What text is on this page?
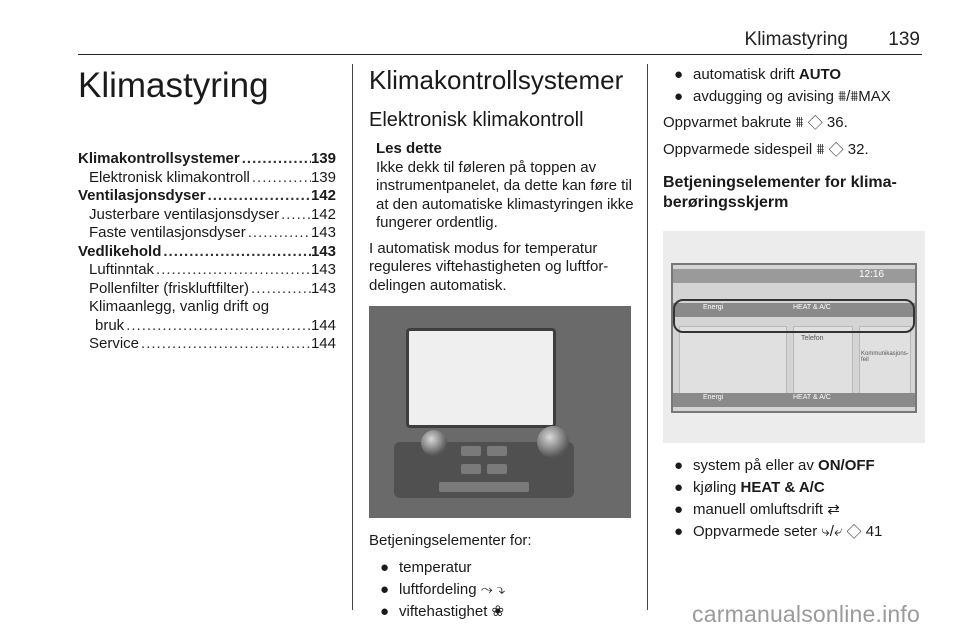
Klimastyring 139
Klimastyring
Klimakontrollsystemer .....	139
Elektronisk klimakontroll .....	139
Ventilasjonsdyser .....	142
Justerbare ventilasjonsdyser ..... 142
Faste ventilasjonsdyser .....	143
Vedlikehold .....	143
Luftinntak .....	143
Pollenfilter (friskluftfilter) .....	143
Klimaanlegg, vanlig drift og
bruk .....	144
Service .....	144
Klimakontrollsystemer
Elektronisk klimakontroll
Les dette
Ikke dekk til føleren på toppen av instrumentpanelet, da dette kan føre til at den automatiske klimastyringen ikke fungerer ordentlig.
I automatisk modus for temperatur reguleres viftehastigheten og luftfor-delingen automatisk.
Betjeningselementer for:
● temperatur
● luftfordeling ⤳ ⤵
● viftehastighet ❀
● automatisk drift AUTO
● avdugging og avising ⩩/⩩MAX
Oppvarmet bakrute ⩩ ◇ 36.
Oppvarmede sidespeil ⩩ ◇ 32.
Betjeningselementer for klima-berøringsskjerm
12:16
Energi	HEAT & A/C
Telefon
Kommunikasjons-feil
Energi	HEAT & A/C
● system på eller av ON/OFF
● kjøling HEAT & A/C
● manuell omluftsdrift ⇄
● Oppvarmede seter ⤷/⤶ ◇ 41
carmanualsonline.info
